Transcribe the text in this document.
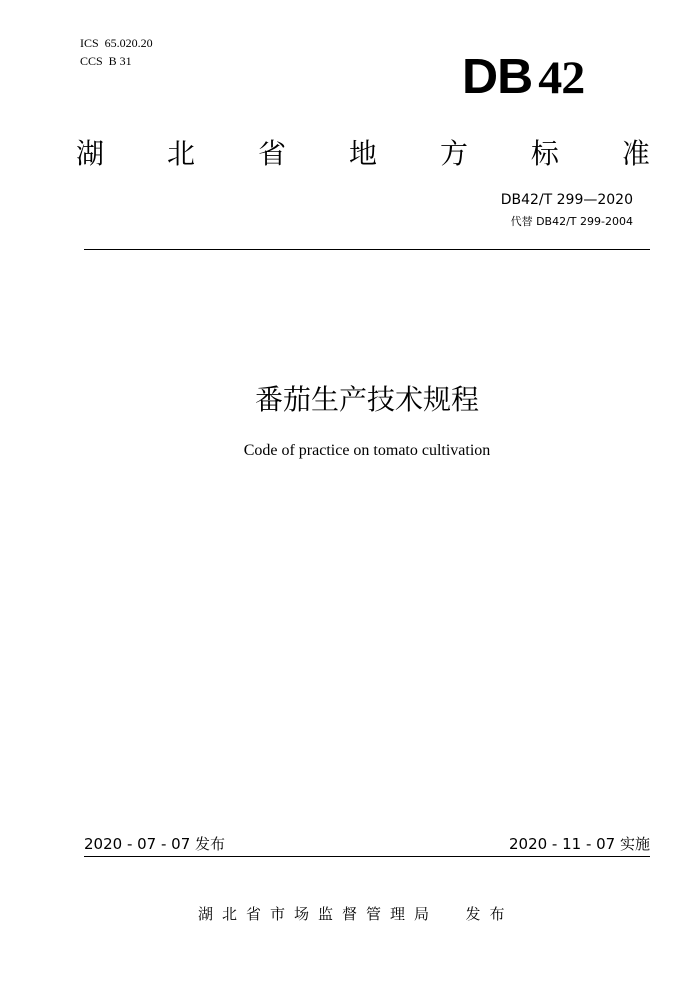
ICS  65.020.20
CCS  B 31	DB 42
湖 北 省 地 方 标 准
DB42/T 299—2020
代替 DB42/T 299-2004
番茄生产技术规程
Code of practice on tomato cultivation
2020 - 07 - 07 发布	2020 - 11 - 07 实施
湖北省市场监督管理局  发布
